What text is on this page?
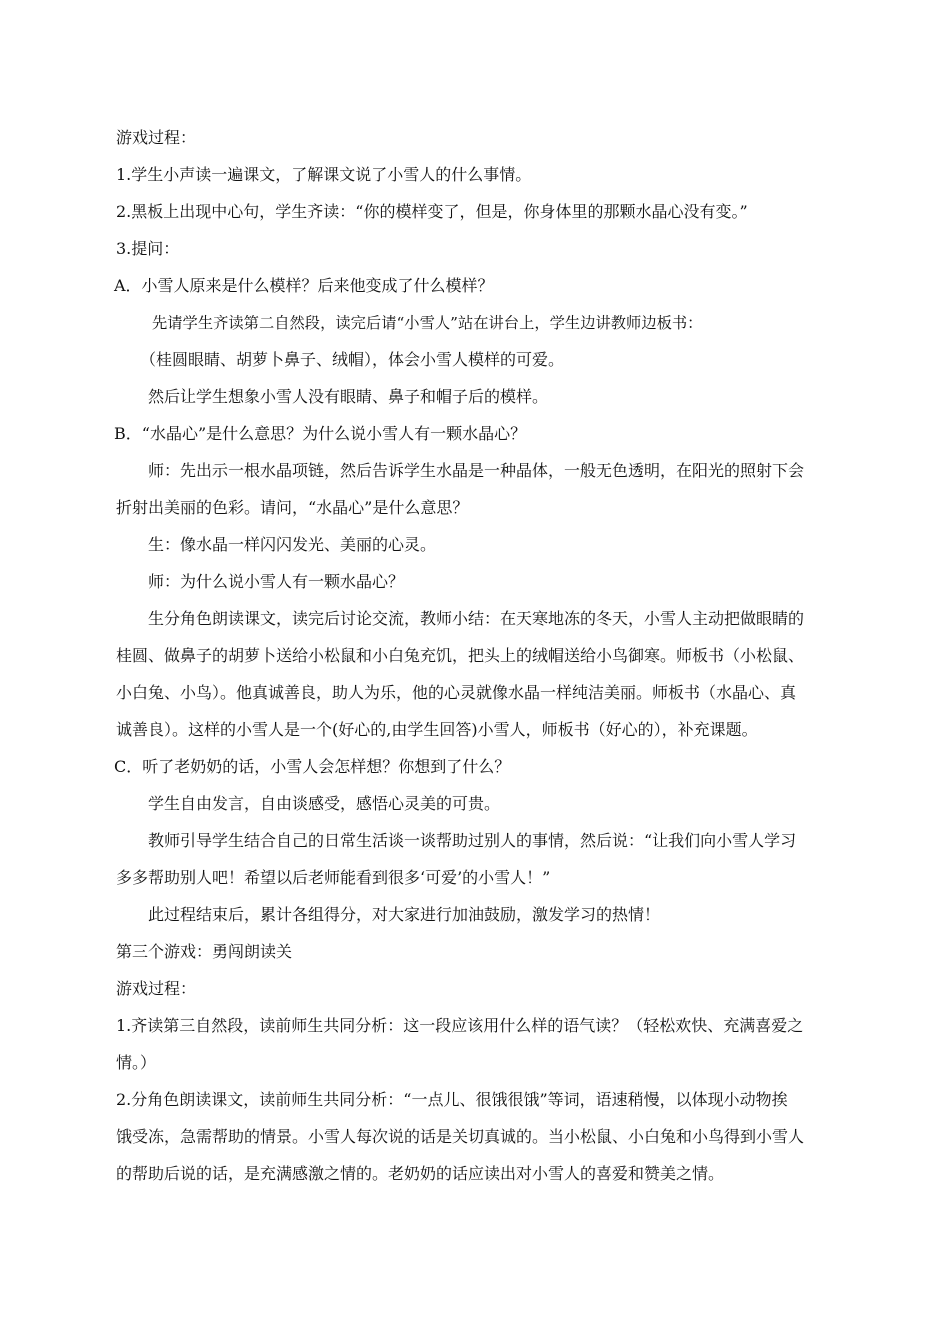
游戏过程：

1.学生小声读一遍课文，了解课文说了小雪人的什么事情。

2.黑板上出现中心句，学生齐读：“你的模样变了，但是，你身体里的那颗水晶心没有变。”

3.提问：

A．小雪人原来是什么模样？后来他变成了什么模样？

先请学生齐读第二自然段，读完后请“小雪人”站在讲台上，学生边讲教师边板书：

（桂圆眼睛、胡萝卜鼻子、绒帽），体会小雪人模样的可爱。

然后让学生想象小雪人没有眼睛、鼻子和帽子后的模样。

B．“水晶心”是什么意思？为什么说小雪人有一颗水晶心？

师：先出示一根水晶项链，然后告诉学生水晶是一种晶体，一般无色透明，在阳光的照射下会

折射出美丽的色彩。请问，“水晶心”是什么意思？

生：像水晶一样闪闪发光、美丽的心灵。

师：为什么说小雪人有一颗水晶心？

生分角色朗读课文，读完后讨论交流，教师小结：在天寒地冻的冬天，小雪人主动把做眼睛的

桂圆、做鼻子的胡萝卜送给小松鼠和小白兔充饥，把头上的绒帽送给小鸟御寒。师板书（小松鼠、

小白兔、小鸟）。他真诚善良，助人为乐，他的心灵就像水晶一样纯洁美丽。师板书（水晶心、真

诚善良）。这样的小雪人是一个(好心的,由学生回答)小雪人，师板书（好心的），补充课题。

C．听了老奶奶的话，小雪人会怎样想？你想到了什么？

学生自由发言，自由谈感受，感悟心灵美的可贵。

教师引导学生结合自己的日常生活谈一谈帮助过别人的事情，然后说：“让我们向小雪人学习

多多帮助别人吧！希望以后老师能看到很多‘可爱’的小雪人！”

此过程结束后，累计各组得分，对大家进行加油鼓励，激发学习的热情！

第三个游戏：勇闯朗读关

游戏过程：

1.齐读第三自然段，读前师生共同分析：这一段应该用什么样的语气读？（轻松欢快、充满喜爱之

情。）

2.分角色朗读课文，读前师生共同分析：“一点儿、很饿很饿”等词，语速稍慢，以体现小动物挨

饿受冻，急需帮助的情景。小雪人每次说的话是关切真诚的。当小松鼠、小白兔和小鸟得到小雪人

的帮助后说的话，是充满感激之情的。老奶奶的话应读出对小雪人的喜爱和赞美之情。
